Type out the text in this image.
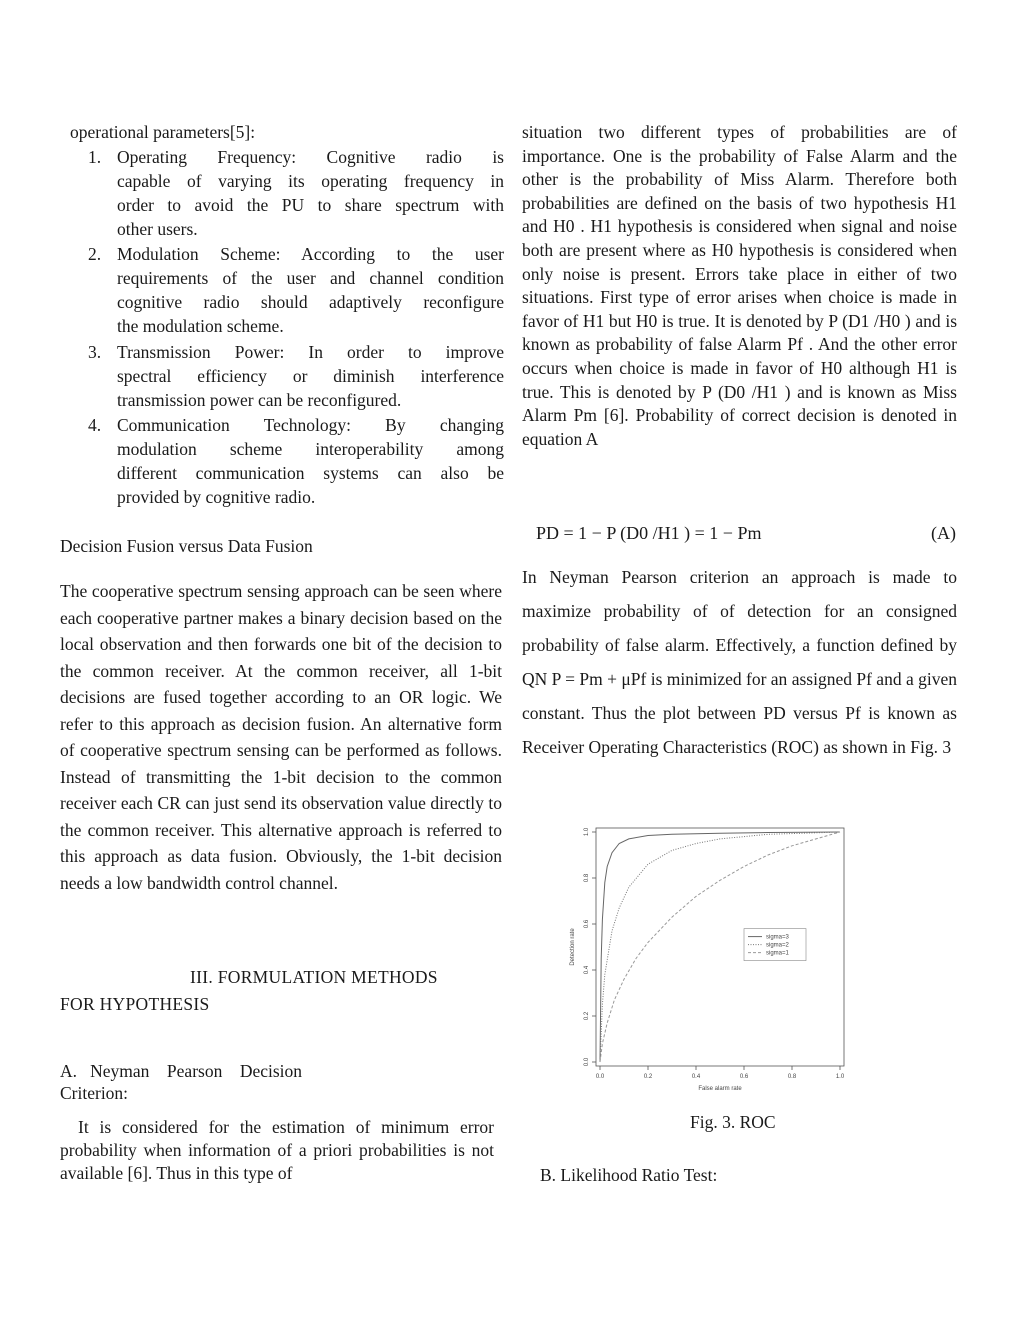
operational parameters[5]:
1. Operating Frequency: Cognitive radio is
capable of varying its operating frequency in
order to avoid the PU to share spectrum with
other users.
2. Modulation Scheme: According to the user
requirements of the user and channel condition
cognitive radio should adaptively reconfigure
the modulation scheme.
3. Transmission Power: In order to improve
spectral efficiency or diminish interference
transmission power can be reconfigured.
4. Communication Technology: By changing
modulation scheme interoperability among
different communication systems can also be
provided by cognitive radio.
Decision Fusion versus Data Fusion
The cooperative spectrum sensing approach can be seen where each cooperative partner makes a binary decision based on the local observation and then forwards one bit of the decision to the common receiver. At the common receiver, all 1-bit decisions are fused together according to an OR logic. We refer to this approach as decision fusion. An alternative form of cooperative spectrum sensing can be performed as follows. Instead of transmitting the 1-bit decision to the common receiver each CR can just send its observation value directly to the common receiver. This alternative approach is referred to this approach as data fusion. Obviously, the 1-bit decision needs a low bandwidth control channel.
III. FORMULATION METHODS
FOR HYPOTHESIS
A.   Neyman    Pearson    Decision
Criterion:
It is considered for the estimation of minimum error probability when information of a priori probabilities is not available [6]. Thus in this type of
situation two different types of probabilities are of importance. One is the probability of False Alarm and the other is the probability of Miss Alarm. Therefore both probabilities are defined on the basis of two hypothesis H1 and H0 . H1 hypothesis is considered when signal and noise both are present where as H0 hypothesis is considered when only noise is present. Errors take place in either of two situations. First type of error arises when choice is made in favor of H1 but H0 is true. It is denoted by P (D1 /H0 ) and is known as probability of false Alarm Pf . And the other error occurs when choice is made in favor of H0 although H1 is true. This is denoted by P (D0 /H1 ) and is known as Miss Alarm Pm [6]. Probability of correct decision is denoted in equation A
PD = 1 − P (D0 /H1 ) = 1 − Pm	(A)
In Neyman Pearson criterion an approach is made to maximize probability of of detection for an consigned probability of false alarm. Effectively, a function defined by QN P = Pm + μPf is minimized for an assigned Pf and a given constant. Thus the plot between PD versus Pf is known as Receiver Operating Characteristics (ROC) as shown in Fig. 3
0.0	0.2	0.4	0.6	0.8	1.0
0.0
0.2
0.4
0.6
0.8
1.0
False alarm rate
Detection rate	sigma=3
sigma=2
sigma=1
Fig. 3. ROC
B. Likelihood Ratio Test:
